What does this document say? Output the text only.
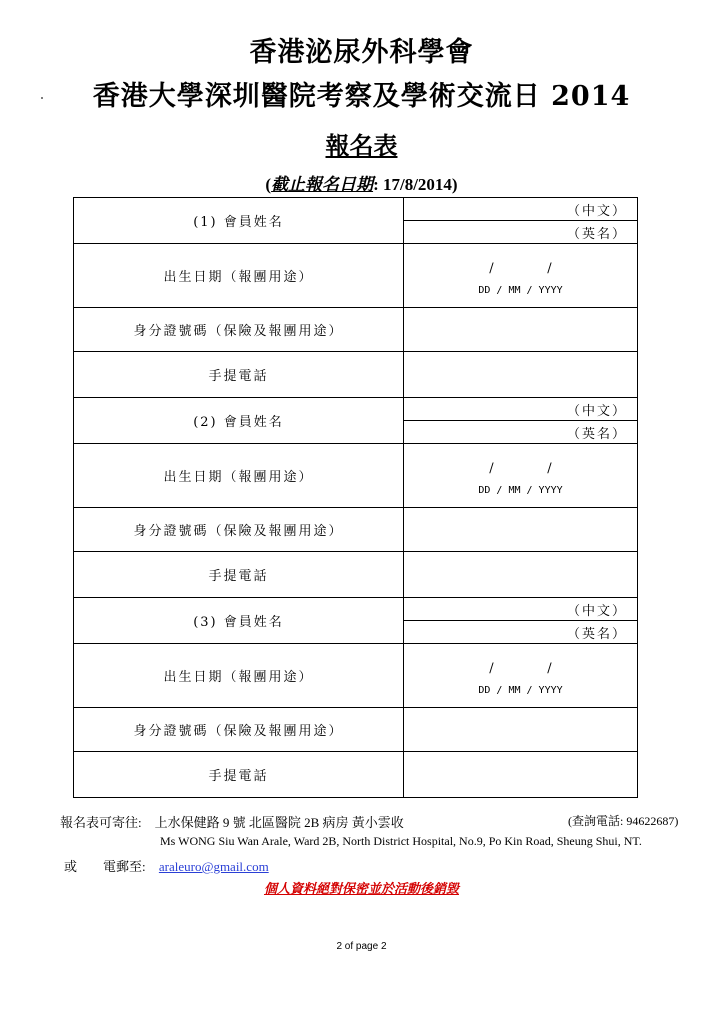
香港泌尿外科學會
香港大學深圳醫院考察及學術交流日 2014
報名表
(截止報名日期: 17/8/2014)
(1) 會員姓名	（中文）
	（英名）
出生日期（報團用途）	/ /
DD / MM / YYYY

身分證號碼（保險及報團用途）	
手提電話	
(2) 會員姓名	（中文）
	（英名）
出生日期（報團用途）	/ /
DD / MM / YYYY

身分證號碼（保險及報團用途）	
手提電話	
(3) 會員姓名	（中文）
	（英名）
出生日期（報團用途）	/ /
DD / MM / YYYY

身分證號碼（保險及報團用途）	
手提電話	
報名表可寄往: 上水保健路 9 號 北區醫院 2B 病房 黃小雲收	(查詢電話: 94622687)
Ms WONG Siu Wan Arale, Ward 2B, North District Hospital, No.9, Po Kin Road, Sheung Shui, NT.
或 電郵至: araleuro@gmail.com
個人資料絕對保密並於活動後銷毀
2 of page 2
